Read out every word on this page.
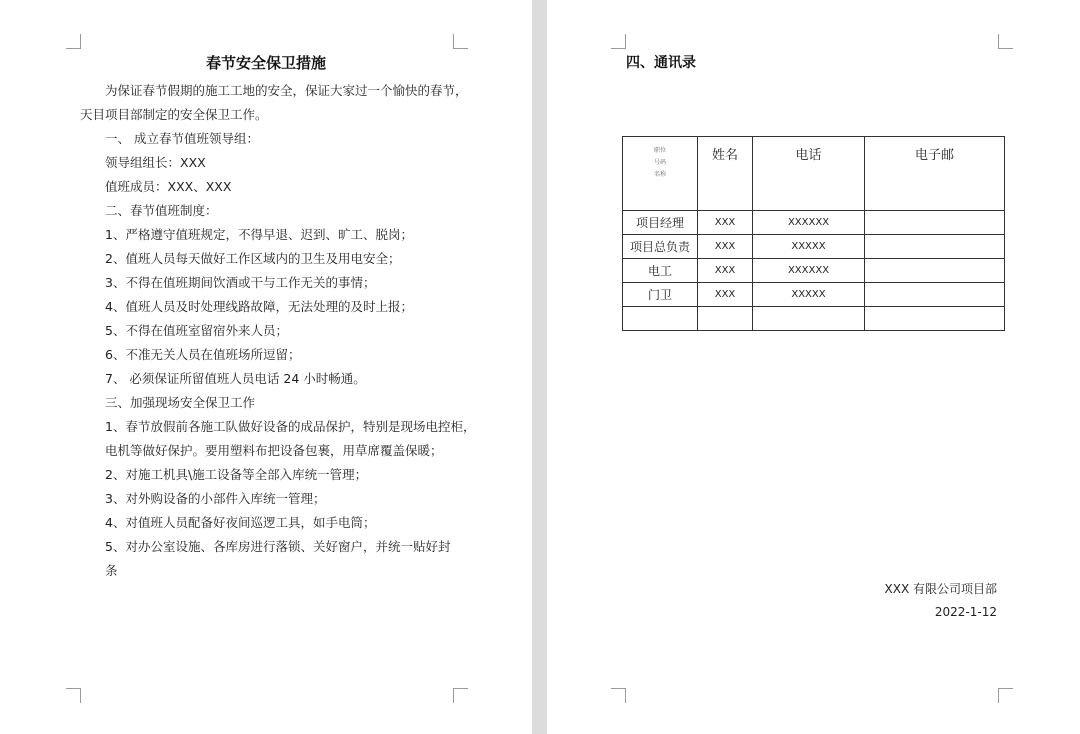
春节安全保卫措施
为保证春节假期的施工工地的安全，保证大家过一个愉快的春节，
天目项目部制定的安全保卫工作。
一、 成立春节值班领导组：
领导组组长：XXX
值班成员：XXX、XXX
二、春节值班制度：
1、严格遵守值班规定，不得早退、迟到、旷工、脱岗；
2、值班人员每天做好工作区域内的卫生及用电安全；
3、不得在值班期间饮酒或干与工作无关的事情；
4、值班人员及时处理线路故障，无法处理的及时上报；
5、不得在值班室留宿外来人员；
6、不准无关人员在值班场所逗留；
7、 必须保证所留值班人员电话 24 小时畅通。
三、加强现场安全保卫工作
1、春节放假前各施工队做好设备的成品保护，特别是现场电控柜，
电机等做好保护。要用塑料布把设备包裹，用草席覆盖保暖；
2、对施工机具\施工设备等全部入库统一管理；
3、对外购设备的小部件入库统一管理；
4、对值班人员配备好夜间巡逻工具，如手电筒；
5、对办公室设施、各库房进行落锁、关好窗户，并统一贴好封
条
四、通讯录
职位
号码
名称	姓名	电话	电子邮
项目经理	XXX	XXXXXX	
项目总负责	XXX	XXXXX	
电工	XXX	XXXXXX	
门卫	XXX	XXXXX	

XXX 有限公司项目部

2022-1-12
